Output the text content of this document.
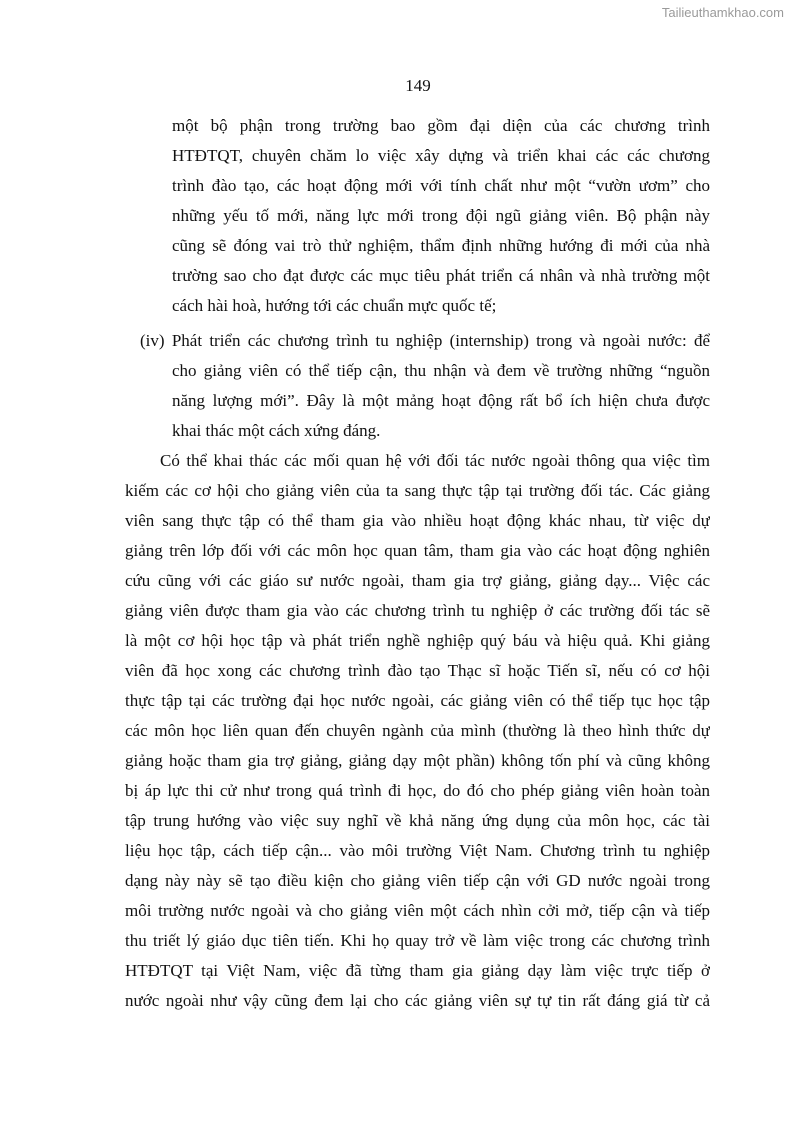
Tailieuthamkhao.com
149
một bộ phận trong trường bao gồm đại diện của các chương trình
HTĐTQT, chuyên chăm lo việc xây dựng và triển khai các các chương
trình đào tạo, các hoạt động mới với tính chất như một “vườn ươm” cho
những yếu tố mới, năng lực mới trong đội ngũ giảng viên. Bộ phận này
cũng sẽ đóng vai trò thử nghiệm, thẩm định những hướng đi mới của nhà
trường sao cho đạt được các mục tiêu phát triển cá nhân và nhà trường một
cách hài hoà, hướng tới các chuẩn mực quốc tế;
(iv) Phát triển các chương trình tu nghiệp (internship) trong và ngoài nước: để
cho giảng viên có thể tiếp cận, thu nhận và đem về trường những “nguồn
năng lượng mới”. Đây là một mảng hoạt động rất bổ ích hiện chưa được
khai thác một cách xứng đáng.
Có thể khai thác các mối quan hệ với đối tác nước ngoài thông qua việc tìm
kiếm các cơ hội cho giảng viên của ta sang thực tập tại trường đối tác. Các giảng
viên sang thực tập có thể tham gia vào nhiều hoạt động khác nhau, từ việc dự
giảng trên lớp đối với các môn học quan tâm, tham gia vào các hoạt động nghiên
cứu cũng với các giáo sư nước ngoài, tham gia trợ giảng, giảng dạy... Việc các
giảng viên được tham gia vào các chương trình tu nghiệp ở các trường đối tác sẽ
là một cơ hội học tập và phát triển nghề nghiệp quý báu và hiệu quả. Khi giảng
viên đã học xong các chương trình đào tạo Thạc sĩ hoặc Tiến sĩ, nếu có cơ hội
thực tập tại các trường đại học nước ngoài, các giảng viên có thể tiếp tục học tập
các môn học liên quan đến chuyên ngành của mình (thường là theo hình thức dự
giảng hoặc tham gia trợ giảng, giảng dạy một phần) không tốn phí và cũng không
bị áp lực thi cử như trong quá trình đi học, do đó cho phép giảng viên hoàn toàn
tập trung hướng vào việc suy nghĩ về khả năng ứng dụng của môn học, các tài
liệu học tập, cách tiếp cận... vào môi trường Việt Nam. Chương trình tu nghiệp
dạng này này sẽ tạo điều kiện cho giảng viên tiếp cận với GD nước ngoài trong
môi trường nước ngoài và cho giảng viên một cách nhìn cởi mở, tiếp cận và tiếp
thu triết lý giáo dục tiên tiến. Khi họ quay trở về làm việc trong các chương trình
HTĐTQT tại Việt Nam, việc đã từng tham gia giảng dạy làm việc trực tiếp ở
nước ngoài như vậy cũng đem lại cho các giảng viên sự tự tin rất đáng giá từ cả
